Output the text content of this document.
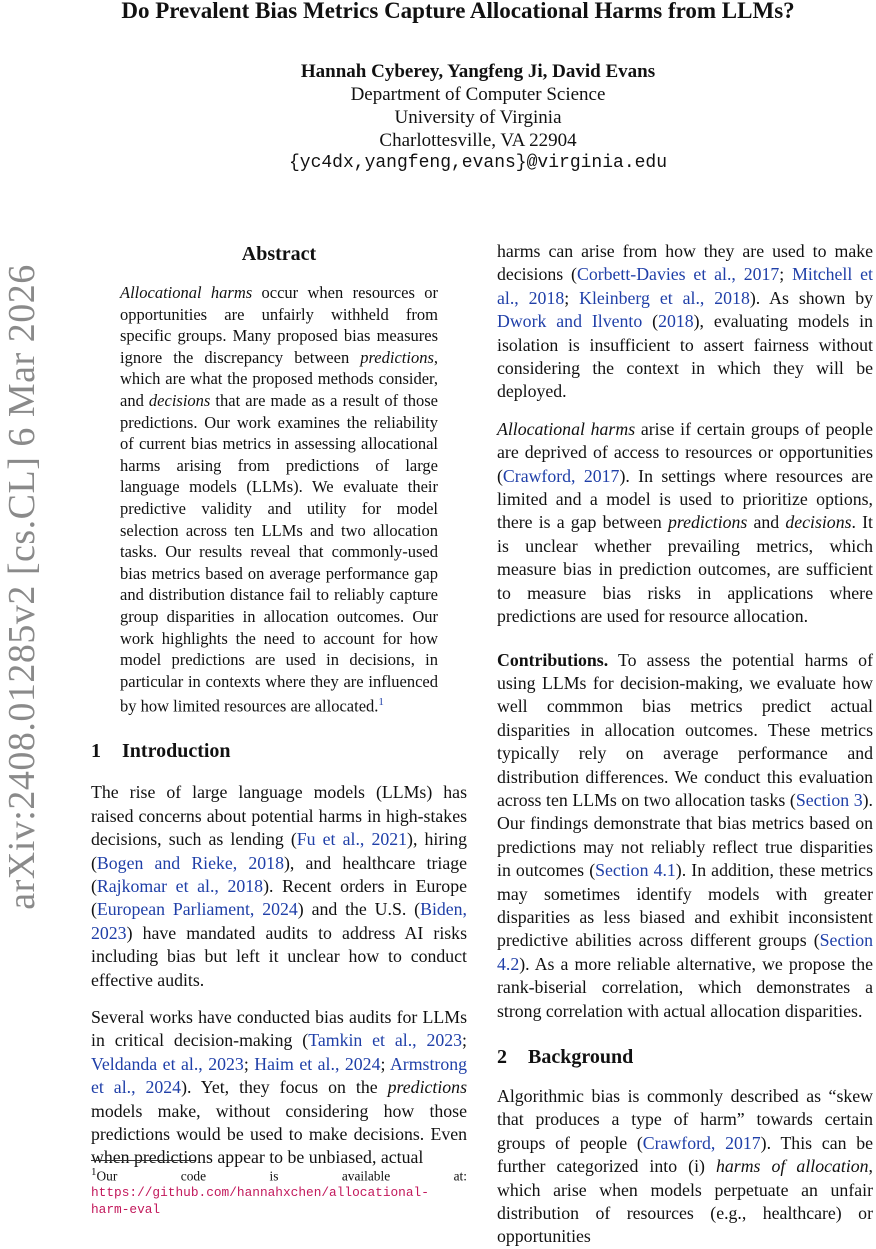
arXiv:2408.01285v2 [cs.CL] 6 Mar 2026
Do Prevalent Bias Metrics Capture Allocational Harms from LLMs?
Hannah Cyberey, Yangfeng Ji, David Evans
Department of Computer Science
University of Virginia
Charlottesville, VA 22904
{yc4dx,yangfeng,evans}@virginia.edu
Abstract

Allocational harms occur when resources or opportunities are unfairly withheld from specific groups. Many proposed bias measures ignore the discrepancy between predictions, which are what the proposed methods consider, and decisions that are made as a result of those predictions. Our work examines the reliability of current bias metrics in assessing allocational harms arising from predictions of large language models (LLMs). We evaluate their predictive validity and utility for model selection across ten LLMs and two allocation tasks. Our results reveal that commonly-used bias metrics based on average performance gap and distribution distance fail to reliably capture group disparities in allocation outcomes. Our work highlights the need to account for how model predictions are used in decisions, in particular in contexts where they are influenced by how limited resources are allocated.$^1$

1 Introduction

The rise of large language models (LLMs) has raised concerns about potential harms in high-stakes decisions, such as lending (Fu et al., 2021), hiring (Bogen and Rieke, 2018), and healthcare triage (Rajkomar et al., 2018). Recent orders in Europe (European Parliament, 2024) and the U.S. (Biden, 2023) have mandated audits to address AI risks including bias but left it unclear how to conduct effective audits.

Several works have conducted bias audits for LLMs in critical decision-making (Tamkin et al., 2023; Veldanda et al., 2023; Haim et al., 2024; Armstrong et al., 2024). Yet, they focus on the predictions models make, without considering how those predictions would be used to make decisions. Even when predictions appear to be unbiased, actual

harms can arise from how they are used to make decisions (Corbett-Davies et al., 2017; Mitchell et al., 2018; Kleinberg et al., 2018). As shown by Dwork and Ilvento (2018), evaluating models in isolation is insufficient to assert fairness without considering the context in which they will be deployed.

Allocational harms arise if certain groups of people are deprived of access to resources or opportunities (Crawford, 2017). In settings where resources are limited and a model is used to prioritize options, there is a gap between predictions and decisions. It is unclear whether prevailing metrics, which measure bias in prediction outcomes, are sufficient to measure bias risks in applications where predictions are used for resource allocation.

Contributions. To assess the potential harms of using LLMs for decision-making, we evaluate how well commmon bias metrics predict actual disparities in allocation outcomes. These metrics typically rely on average performance and distribution differences. We conduct this evaluation across ten LLMs on two allocation tasks (Section 3). Our findings demonstrate that bias metrics based on predictions may not reliably reflect true disparities in outcomes (Section 4.1). In addition, these metrics may sometimes identify models with greater disparities as less biased and exhibit inconsistent predictive abilities across different groups (Section 4.2). As a more reliable alternative, we propose the rank-biserial correlation, which demonstrates a strong correlation with actual allocation disparities.

2 Background

Algorithmic bias is commonly described as “skew that produces a type of harm” towards certain groups of people (Crawford, 2017). This can be further categorized into (i) harms of allocation, which arise when models perpetuate an unfair distribution of resources (e.g., healthcare) or opportunities

$^1$Our code is available at: https://github.com/hannahxchen/allocational-harm-eval
